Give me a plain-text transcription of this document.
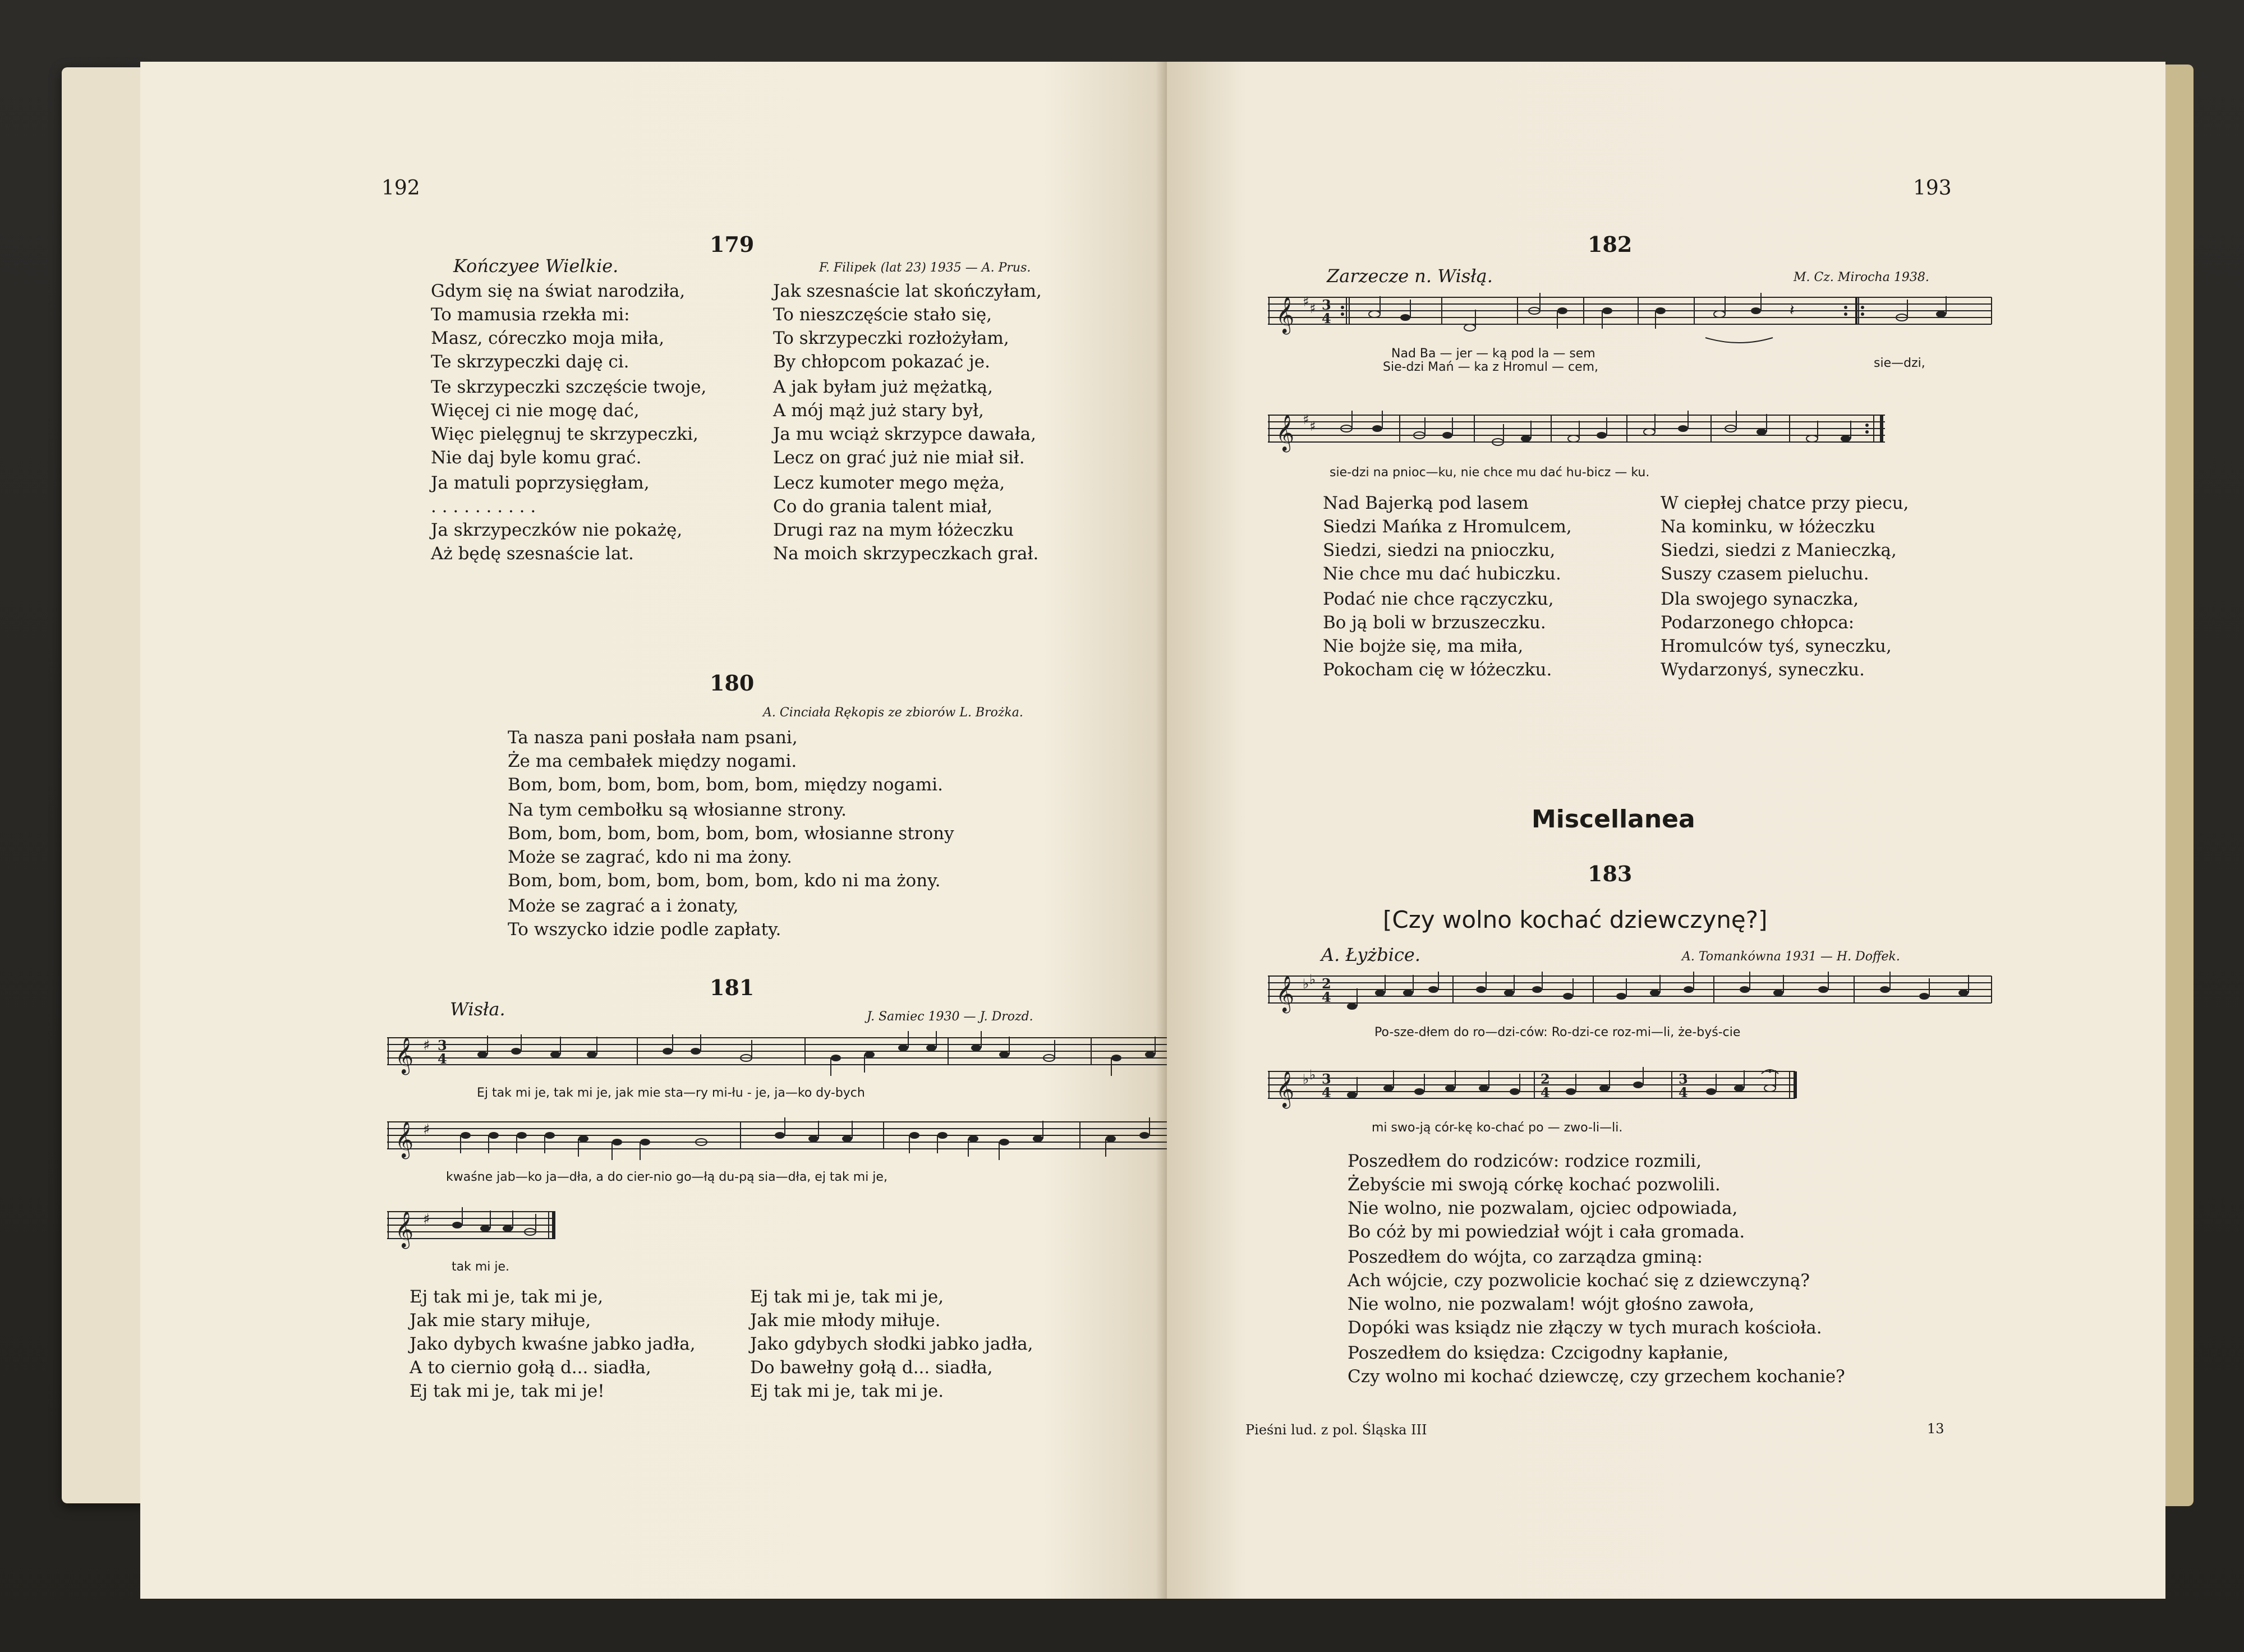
192
179
Kończyee Wielkie.	F. Filipek (lat 23) 1935 — A. Prus.
Gdym się na świat narodziła,
To mamusia rzekła mi:
Masz, córeczko moja miła,
Te skrzypeczki daję ci.
Te skrzypeczki szczęście twoje,
Więcej ci nie mogę dać,
Więc pielęgnuj te skrzypeczki,
Nie daj byle komu grać.
Ja matuli poprzysięgłam,
. . . . . . . . . .
Ja skrzypeczków nie pokażę,
Aż będę szesnaście lat.
Jak szesnaście lat skończyłam,
To nieszczęście stało się,
To skrzypeczki rozłożyłam,
By chłopcom pokazać je.
A jak byłam już mężatką,
A mój mąż już stary był,
Ja mu wciąż skrzypce dawała,
Lecz on grać już nie miał sił.
Lecz kumoter mego męża,
Co do grania talent miał,
Drugi raz na mym łóżeczku
Na moich skrzypeczkach grał.
180
A. Cinciała Rękopis ze zbiorów L. Brożka.
Ta nasza pani posłała nam psani,
Że ma cembałek między nogami.
Bom, bom, bom, bom, bom, bom, między nogami.
Na tym cembołku są włosianne strony.
Bom, bom, bom, bom, bom, bom, włosianne strony
Może se zagrać, kdo ni ma żony.
Bom, bom, bom, bom, bom, bom, kdo ni ma żony.
Może se zagrać a i żonaty,
To wszycko idzie podle zapłaty.
181
Wisła.	J. Samiec 1930 — J. Drozd.
𝄞 ♯ 3
4
Ej tak mi je, tak mi je, jak mie sta—ry mi-łu - je, ja—ko dy-bych
𝄞 ♯
kwaśne jab—ko ja—dła, a do cier-nio go—łą du-pą sia—dła, ej tak mi je,
𝄞 ♯
tak mi je.
Ej tak mi je, tak mi je,
Jak mie stary miłuje,
Jako dybych kwaśne jabko jadła,
A to ciernio gołą d... siadła,
Ej tak mi je, tak mi je!
Ej tak mi je, tak mi je,
Jak mie młody miłuje.
Jako gdybych słodki jabko jadła,
Do bawełny gołą d... siadła,
Ej tak mi je, tak mi je.
193
182
Zarzecze n. Wisłą.	M. Cz. Mirocha 1938.
𝄞 ♯ ♯ 3
4	𝄽
Nad Ba — jer — ką pod la — sem
Sie-dzi Mań — ka z Hromul — cem,	sie—dzi,
𝄞 ♯ ♯
sie-dzi na pnioc—ku, nie chce mu dać hu-bicz — ku.
Nad Bajerką pod lasem
Siedzi Mańka z Hromulcem,
Siedzi, siedzi na pnioczku,
Nie chce mu dać hubiczku.
Podać nie chce rączyczku,
Bo ją boli w brzuszeczku.
Nie bojże się, ma miła,
Pokocham cię w łóżeczku.
W ciepłej chatce przy piecu,
Na kominku, w łóżeczku
Siedzi, siedzi z Manieczką,
Suszy czasem pieluchu.
Dla swojego synaczka,
Podarzonego chłopca:
Hromulców tyś, syneczku,
Wydarzonyś, syneczku.
Miscellanea
183
[Czy wolno kochać dziewczynę?]
A. Łyżbice.	A. Tomankówna 1931 — H. Doffek.
𝄞 ♭ ♭ 2
4
Po-sze-dłem do ro—dzi-ców: Ro-dzi-ce roz-mi—li, że-byś-cie
𝄞 ♭ ♭ 3
4
2
4
3
4
mi swo-ją cór-kę ko-chać po — zwo-li—li.
Poszedłem do rodziców: rodzice rozmili,
Żebyście mi swoją córkę kochać pozwolili.
Nie wolno, nie pozwalam, ojciec odpowiada,
Bo cóż by mi powiedział wójt i cała gromada.
Poszedłem do wójta, co zarządza gminą:
Ach wójcie, czy pozwolicie kochać się z dziewczyną?
Nie wolno, nie pozwalam! wójt głośno zawoła,
Dopóki was ksiądz nie złączy w tych murach kościoła.
Poszedłem do księdza: Czcigodny kapłanie,
Czy wolno mi kochać dziewczę, czy grzechem kochanie?
Pieśni lud. z pol. Śląska III	13
